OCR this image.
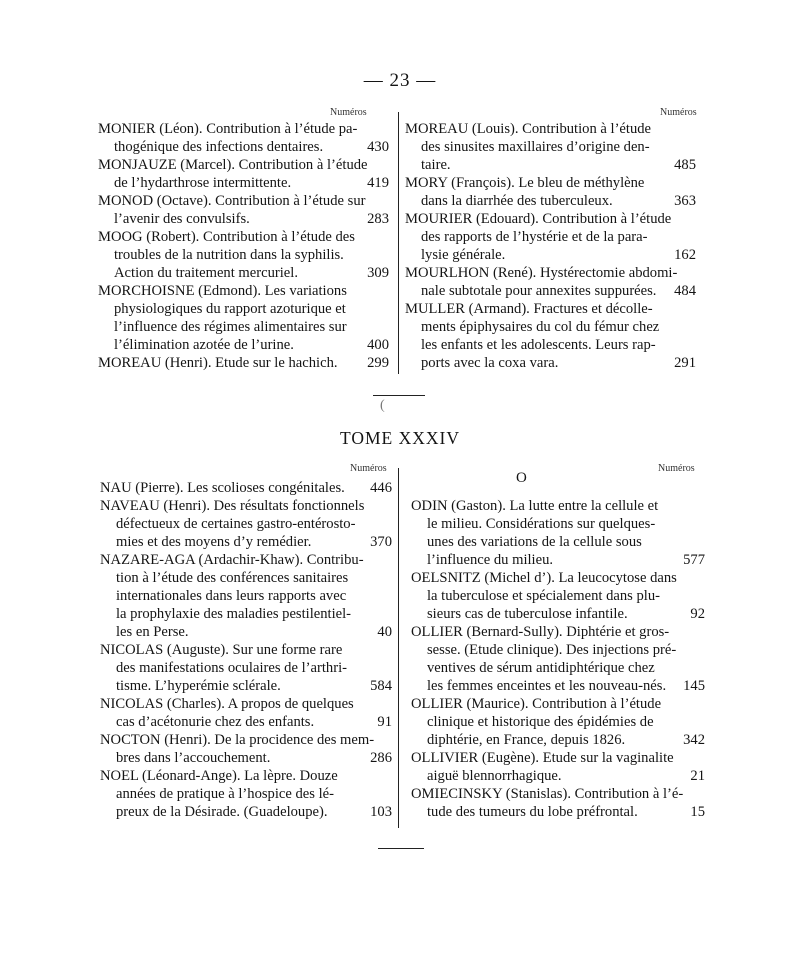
— 23 —
Numéros	Numéros
MONIER (Léon). Contribution à l’étude pa-
thogénique des infections dentaires.	430
MONJAUZE (Marcel). Contribution à l’étude
de l’hydarthrose intermittente.	419
MONOD (Octave). Contribution à l’étude sur
l’avenir des convulsifs.	283
MOOG (Robert). Contribution à l’étude des
troubles de la nutrition dans la syphilis.
Action du traitement mercuriel.	309
MORCHOISNE (Edmond). Les variations
physiologiques du rapport azoturique et
l’influence des régimes alimentaires sur
l’élimination azotée de l’urine.	400
MOREAU (Henri). Etude sur le hachich. 299
MOREAU (Louis). Contribution à l’étude
des sinusites maxillaires d’origine den-
taire.	485
MORY (François). Le bleu de méthylène
dans la diarrhée des tuberculeux.	363
MOURIER (Edouard). Contribution à l’étude
des rapports de l’hystérie et de la para-
lysie générale.	162
MOURLHON (René). Hystérectomie abdomi-
nale subtotale pour annexites suppurées. 484
MULLER (Armand). Fractures et décolle-
ments épiphysaires du col du fémur chez
les enfants et les adolescents. Leurs rap-
ports avec la coxa vara.	291
(
TOME XXXIV
Numéros	Numéros
O
NAU (Pierre). Les scolioses congénitales. 446
NAVEAU (Henri). Des résultats fonctionnels
défectueux de certaines gastro-entérosto-
mies et des moyens d’y remédier.	370
NAZARE-AGA (Ardachir-Khaw). Contribu-
tion à l’étude des conférences sanitaires
internationales dans leurs rapports avec
la prophylaxie des maladies pestilentiel-
les en Perse.	40
NICOLAS (Auguste). Sur une forme rare
des manifestations oculaires de l’arthri-
tisme. L’hyperémie sclérale.	584
NICOLAS (Charles). A propos de quelques
cas d’acétonurie chez des enfants.	91
NOCTON (Henri). De la procidence des mem-
bres dans l’accouchement.	286
NOEL (Léonard-Ange). La lèpre. Douze
années de pratique à l’hospice des lé-
preux de la Désirade. (Guadeloupe).	103
ODIN (Gaston). La lutte entre la cellule et
le milieu. Considérations sur quelques-
unes des variations de la cellule sous
l’influence du milieu.	577
OELSNITZ (Michel d’). La leucocytose dans
la tuberculose et spécialement dans plu-
sieurs cas de tuberculose infantile.	92
OLLIER (Bernard-Sully). Diphtérie et gros-
sesse. (Etude clinique). Des injections pré-
ventives de sérum antidiphtérique chez
les femmes enceintes et les nouveau-nés. 145
OLLIER (Maurice). Contribution à l’étude
clinique et historique des épidémies de
diphtérie, en France, depuis 1826.	342
OLLIVIER (Eugène). Etude sur la vaginalite
aiguë blennorrhagique.	21
OMIECINSKY (Stanislas). Contribution à l’é-
tude des tumeurs du lobe préfrontal.	15
